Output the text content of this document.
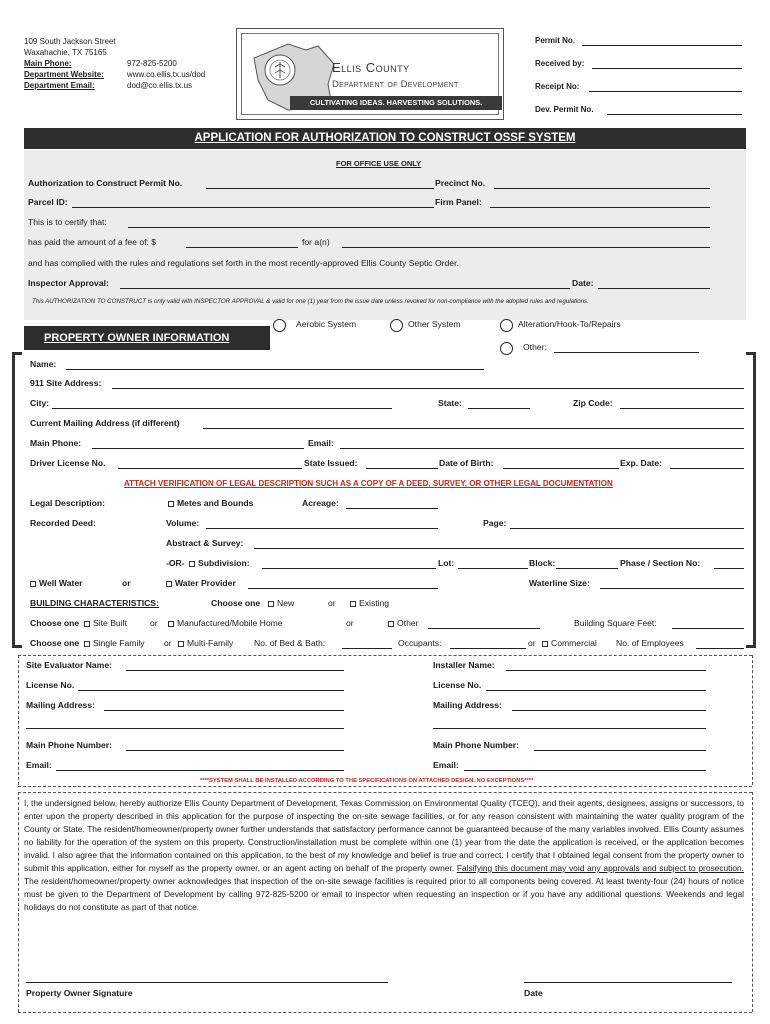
109 South Jackson Street
Waxahachie, TX 75165
Main Phone:	972-825-5200
Department Website:	www.co.ellis.tx.us/dod
Department Email:	dod@co.ellis.tx.us
Ellis County
Department of Development
CULTIVATING IDEAS. HARVESTING SOLUTIONS.
Permit No.
Received by:
Receipt No:
Dev. Permit No.
APPLICATION FOR AUTHORIZATION TO CONSTRUCT OSSF SYSTEM
FOR OFFICE USE ONLY
Authorization to Construct Permit No.	Precinct No.
Parcel ID:	Firm Panel:
This is to certify that:
has paid the amount of a fee of: $	for a(n)
and has complied with the rules and regulations set forth in the most recently-approved Ellis County Septic Order.
Inspector Approval:	Date:
This AUTHORIZATION TO CONSTRUCT is only valid with INSPECTOR APPROVAL & valid for one (1) year from the issue date unless revoked for non-compliance with the adopted rules and regulations.
PROPERTY OWNER INFORMATION
Aerobic System	Other System	Alteration/Hook-To/Repairs
Other:
Name:
911 Site Address:
City:	State:	Zip Code:
Current Mailing Address (if different)
Main Phone:	Email:
Driver License No.	State Issued:	Date of Birth:	Exp. Date:
ATTACH VERIFICATION OF LEGAL DESCRIPTION SUCH AS A COPY OF A DEED, SURVEY, OR OTHER LEGAL DOCUMENTATION
Legal Description:	Metes and Bounds	Acreage:
Recorded Deed:	Volume:	Page:
Abstract & Survey:
-OR- Subdivision:	Lot:	Block:	Phase / Section No:
Well Water	or	Water Provider	Waterline Size:
BUILDING CHARACTERISTICS:	Choose one	New	or	Existing
Choose one	Site Built	or	Manufactured/Mobile Home	or	Other	Building Square Feet:
Choose one	Single Family or	Multi-Family No. of Bed & Bath:	Occupants:	or	Commercial No. of Employees
Site Evaluator Name:	Installer Name:
License No.	License No.
Mailing Address:	Mailing Address:
Main Phone Number:	Main Phone Number:
Email:	Email:
****SYSTEM SHALL BE INSTALLED ACCORDING TO THE SPECIFICATIONS ON ATTACHED DESIGN. NO EXCEPTIONS****
I, the undersigned below, hereby authorize Ellis County Department of Development, Texas Commission on Environmental Quality (TCEQ), and their agents, designees, assigns or successors, to enter upon the property described in this application for the purpose of inspecting the on-site sewage facilities, or for any reason consistent with maintaining the water quality program of the County or State. The resident/homeowner/property owner further understands that satisfactory performance cannot be guaranteed because of the many variables involved. Ellis County assumes no liability for the operation of the system on this property. Construction/installation must be complete within one (1) year from the date the application is received, or the application becomes invalid. I also agree that the information contained on this application, to the best of my knowledge and belief is true and correct. I certify that I obtained legal consent from the property owner to submit this application, either for myself as the property owner, or an agent acting on behalf of the property owner. Falsifying this document may void any approvals and subject to prosecution. The resident/homeowner/property owner acknowledges that inspection of the on-site sewage facilities is required prior to all components being covered. At least twenty-four (24) hours of notice must be given to the Department of Development by calling 972-825-5200 or email to inspector when requesting an inspection or if you have any additional questions. Weekends and legal holidays do not constitute as part of that notice.
Property Owner Signature	Date
